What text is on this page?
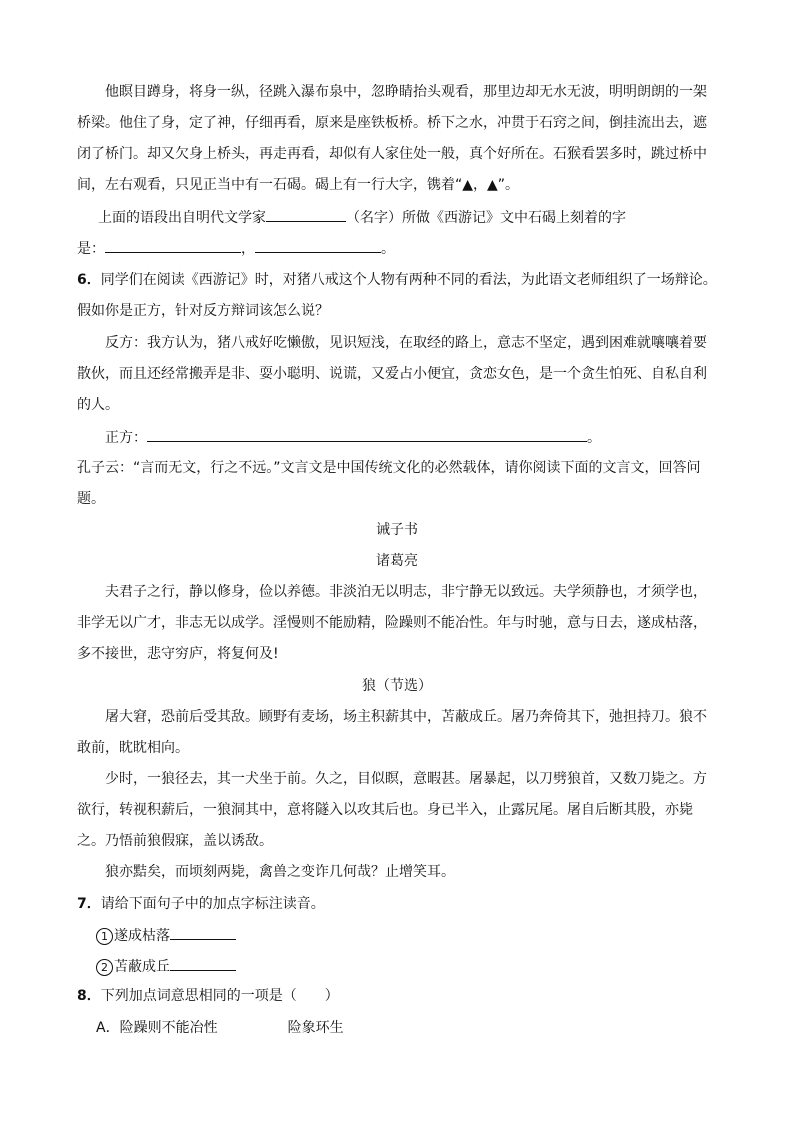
他瞑目蹲身，将身一纵，径跳入瀑布泉中，忽睁睛抬头观看，那里边却无水无波，明明朗朗的一架
桥梁。他住了身，定了神，仔细再看，原来是座铁板桥。桥下之水，冲贯于石窍之间，倒挂流出去，遮
闭了桥门。却又欠身上桥头，再走再看，却似有人家住处一般，真个好所在。石猴看罢多时，跳过桥中
间，左右观看，只见正当中有一石碣。碣上有一行大字，镌着“▲，▲”。
上面的语段出自明代文学家	（名字）所做《西游记》文中石碣上刻着的字
是：	，	。
6．同学们在阅读《西游记》时，对猪八戒这个人物有两种不同的看法，为此语文老师组织了一场辩论。
假如你是正方，针对反方辩词该怎么说？
反方：我方认为，猪八戒好吃懒傲，见识短浅，在取经的路上，意志不坚定，遇到困难就嚷嚷着要
散伙，而且还经常搬弄是非、耍小聪明、说谎，又爱占小便宜，贪恋女色，是一个贪生怕死、自私自利
的人。
正方：	。
孔子云：“言而无文，行之不远。”文言文是中国传统文化的必然载体，请你阅读下面的文言文，回答问
题。
诫子书
诸葛亮
夫君子之行，静以修身，俭以养德。非淡泊无以明志，非宁静无以致远。夫学须静也，才须学也，
非学无以广才，非志无以成学。淫慢则不能励精，险躁则不能冶性。年与时驰，意与日去，遂成枯落，
多不接世，悲守穷庐，将复何及!
狼（节选）
屠大窘，恐前后受其敌。顾野有麦场，场主积薪其中，苫蔽成丘。屠乃奔倚其下，弛担持刀。狼不
敢前，眈眈相向。
少时，一狼径去，其一犬坐于前。久之，目似瞑，意暇甚。屠暴起，以刀劈狼首，又数刀毙之。方
欲行，转视积薪后，一狼洞其中，意将隧入以攻其后也。身已半入，止露尻尾。屠自后断其股，亦毙
之。乃悟前狼假寐，盖以诱敌。
狼亦黠矣，而顷刻两毙，禽兽之变诈几何哉？止增笑耳。
7．请给下面句子中的加点字标注读音。
1 遂成枯落
2 苫蔽成丘
8．下列加点词意思相同的一项是（　　）
A．险躁则不能冶性	险象环生
